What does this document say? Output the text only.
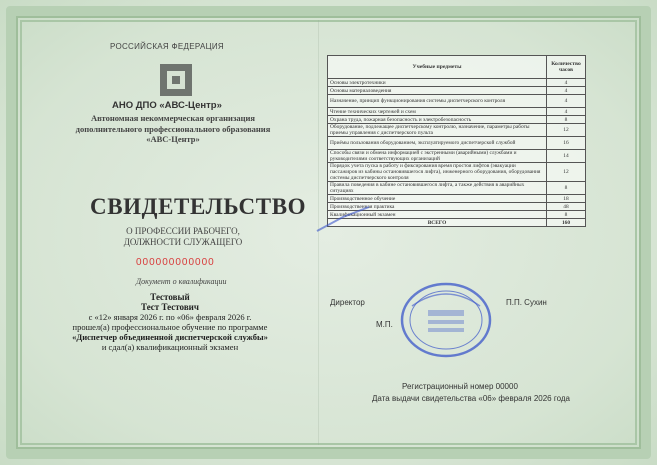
РОССИЙСКАЯ ФЕДЕРАЦИЯ
АНО ДПО «АВС-Центр»
Автономная некоммерческая организация
дополнительного профессионального образования
«АВС-Центр»
СВИДЕТЕЛЬСТВО
О ПРОФЕССИИ РАБОЧЕГО,
ДОЛЖНОСТИ СЛУЖАЩЕГО
000000000000
Документ о квалификации
Тестовый
Тест Тестович
с «12» января 2026 г. по «06» февраля 2026 г.
прошел(а) профессиональное обучение по программе
«Диспетчер объединенной диспетчерской службы»
и сдал(а) квалификационный экзамен
Учебные предметы	Количество часов
Основы электротехники	4
Основы материаловедения	4
Назначение, принцип функционирования системы диспетчерского контроля	4
Чтение технических чертежей и схем	4
Охрана труда, пожарная безопасность и электробезопасность	8
Оборудование, подлежащее диспетчерскому контролю, назначение, параметры работы приемы управления с диспетчерского пульта	12
Приёмы пользования оборудованием, эксплуатируемого диспетчерской службой	16
Способы связи и обмена информацией с экстренными (аварийными) службами и руководителями соответствующих организаций	14
Порядок учета пуска в работу и фиксирования время простоя лифтов (эвакуации пассажиров из кабины остановившегося лифта), инженерного оборудования, оборудования системы диспетчерского контроля	12
Правила поведения в кабине остановившегося лифта, а также действия в аварийных ситуациях	8
Производственное обучение	18
Производственная практика	48
Квалификационный экзамен	8
ВСЕГО	160
Директор	П.П. Сухин
М.П.
Регистрационный номер 00000
Дата выдачи свидетельства «06» февраля 2026 года
